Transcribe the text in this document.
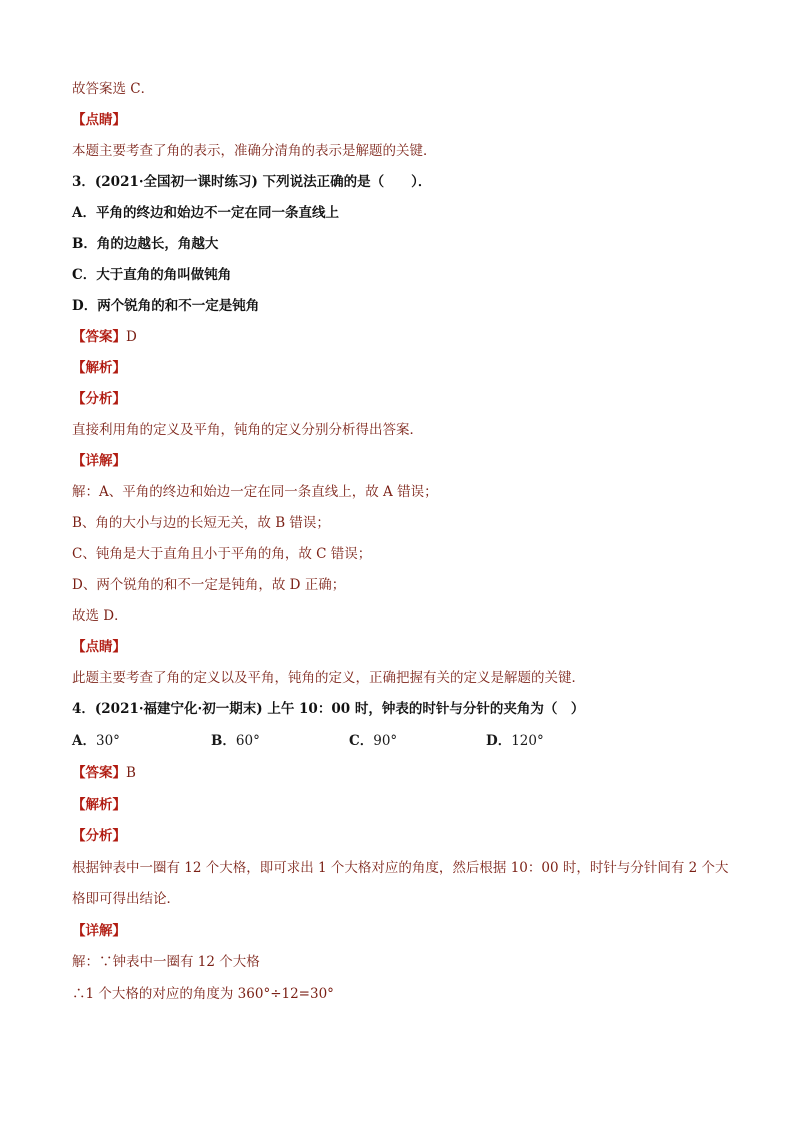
故答案选 C．
【点睛】
本题主要考查了角的表示，准确分清角的表示是解题的关键．
3．(2021·全国初一课时练习) 下列说法正确的是（　　）．
A．平角的终边和始边不一定在同一条直线上
B．角的边越长，角越大
C．大于直角的角叫做钝角
D．两个锐角的和不一定是钝角
【答案】D
【解析】
【分析】
直接利用角的定义及平角，钝角的定义分别分析得出答案．
【详解】
解：A、平角的终边和始边一定在同一条直线上，故 A 错误；
B、角的大小与边的长短无关，故 B 错误；
C、钝角是大于直角且小于平角的角，故 C 错误；
D、两个锐角的和不一定是钝角，故 D 正确；
故选 D．
【点睛】
此题主要考查了角的定义以及平角，钝角的定义，正确把握有关的定义是解题的关键．
4．(2021·福建宁化·初一期末) 上午 10：00 时，钟表的时针与分针的夹角为（　）
A．30°	B．60°	C．90°	D．120°
【答案】B
【解析】
【分析】
根据钟表中一圈有 12 个大格，即可求出 1 个大格对应的角度，然后根据 10：00 时，时针与分针间有 2 个大
格即可得出结论．
【详解】
解：∵钟表中一圈有 12 个大格
∴1 个大格的对应的角度为 360°÷12=30°
